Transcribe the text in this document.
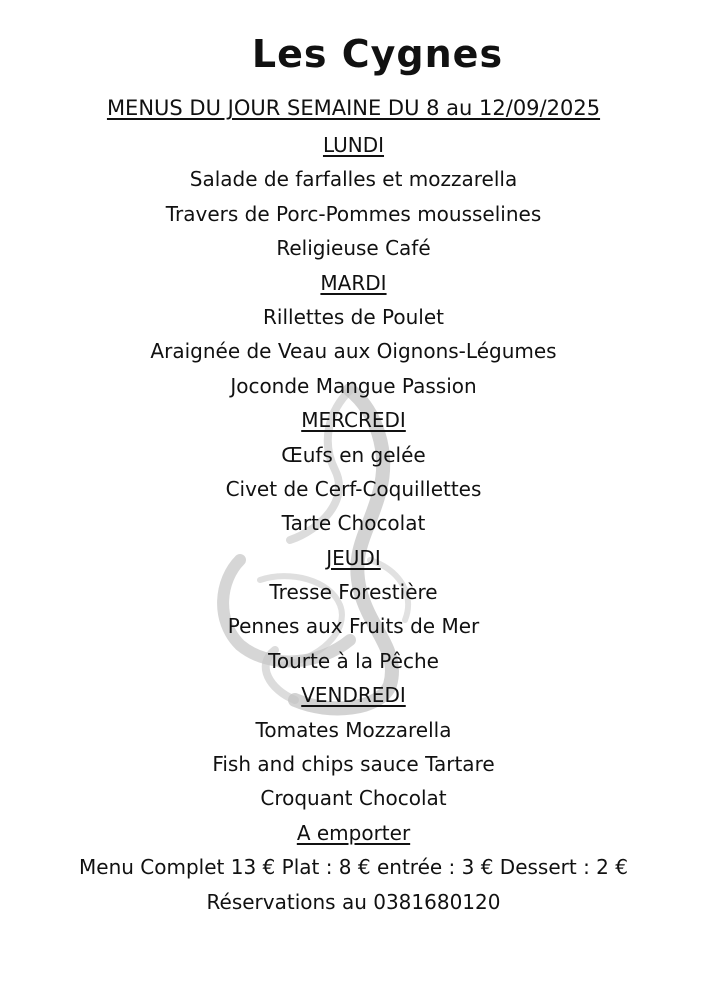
Les Cygnes
MENUS DU JOUR SEMAINE DU 8 au 12/09/2025
LUNDI
Salade de farfalles et mozzarella
Travers de Porc-Pommes mousselines
Religieuse Café
MARDI
Rillettes de Poulet
Araignée de Veau aux Oignons-Légumes
Joconde Mangue Passion
MERCREDI
Œufs en gelée
Civet de Cerf-Coquillettes
Tarte Chocolat
JEUDI
Tresse Forestière
Pennes aux Fruits de Mer
Tourte à la Pêche
VENDREDI
Tomates Mozzarella
Fish and chips sauce Tartare
Croquant Chocolat
A emporter
Menu Complet 13 € Plat : 8 € entrée : 3 € Dessert : 2 €
Réservations au 0381680120
